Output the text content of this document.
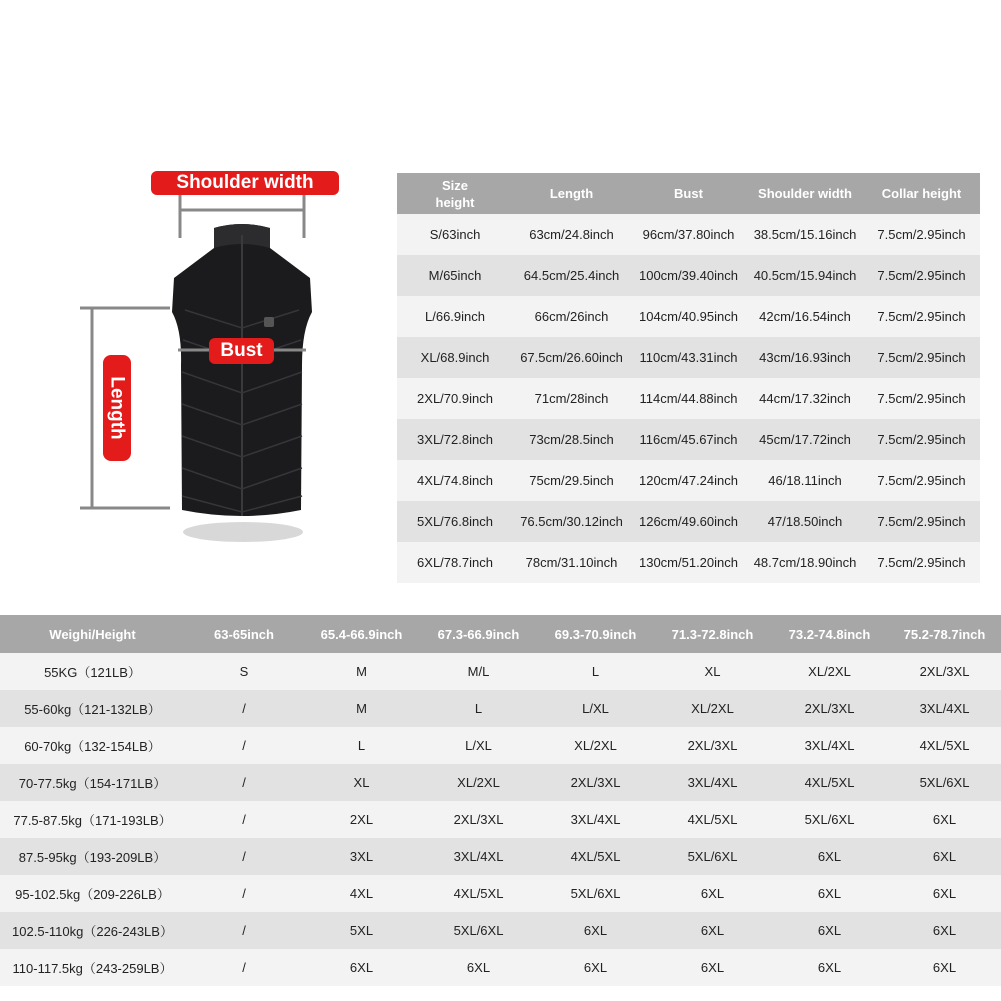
Shoulder width
Bust
Length
Size
height	Length	Bust	Shoulder width	Collar height
S/63inch	63cm/24.8inch	96cm/37.80inch	38.5cm/15.16inch	7.5cm/2.95inch
M/65inch	64.5cm/25.4inch	100cm/39.40inch	40.5cm/15.94inch	7.5cm/2.95inch
L/66.9inch	66cm/26inch	104cm/40.95inch	42cm/16.54inch	7.5cm/2.95inch
XL/68.9inch	67.5cm/26.60inch	110cm/43.31inch	43cm/16.93inch	7.5cm/2.95inch
2XL/70.9inch	71cm/28inch	114cm/44.88inch	44cm/17.32inch	7.5cm/2.95inch
3XL/72.8inch	73cm/28.5inch	116cm/45.67inch	45cm/17.72inch	7.5cm/2.95inch
4XL/74.8inch	75cm/29.5inch	120cm/47.24inch	46/18.11inch	7.5cm/2.95inch
5XL/76.8inch	76.5cm/30.12inch	126cm/49.60inch	47/18.50inch	7.5cm/2.95inch
6XL/78.7inch	78cm/31.10inch	130cm/51.20inch	48.7cm/18.90inch	7.5cm/2.95inch
Weighi/Height	63-65inch	65.4-66.9inch	67.3-66.9inch	69.3-70.9inch	71.3-72.8inch	73.2-74.8inch	75.2-78.7inch
55KG（121LB）	S	M	M/L	L	XL	XL/2XL	2XL/3XL
55-60kg（121-132LB）	/	M	L	L/XL	XL/2XL	2XL/3XL	3XL/4XL
60-70kg（132-154LB）	/	L	L/XL	XL/2XL	2XL/3XL	3XL/4XL	4XL/5XL
70-77.5kg（154-171LB）	/	XL	XL/2XL	2XL/3XL	3XL/4XL	4XL/5XL	5XL/6XL
77.5-87.5kg（171-193LB）	/	2XL	2XL/3XL	3XL/4XL	4XL/5XL	5XL/6XL	6XL
87.5-95kg（193-209LB）	/	3XL	3XL/4XL	4XL/5XL	5XL/6XL	6XL	6XL
95-102.5kg（209-226LB）	/	4XL	4XL/5XL	5XL/6XL	6XL	6XL	6XL
102.5-110kg（226-243LB）	/	5XL	5XL/6XL	6XL	6XL	6XL	6XL
110-117.5kg（243-259LB）	/	6XL	6XL	6XL	6XL	6XL	6XL
